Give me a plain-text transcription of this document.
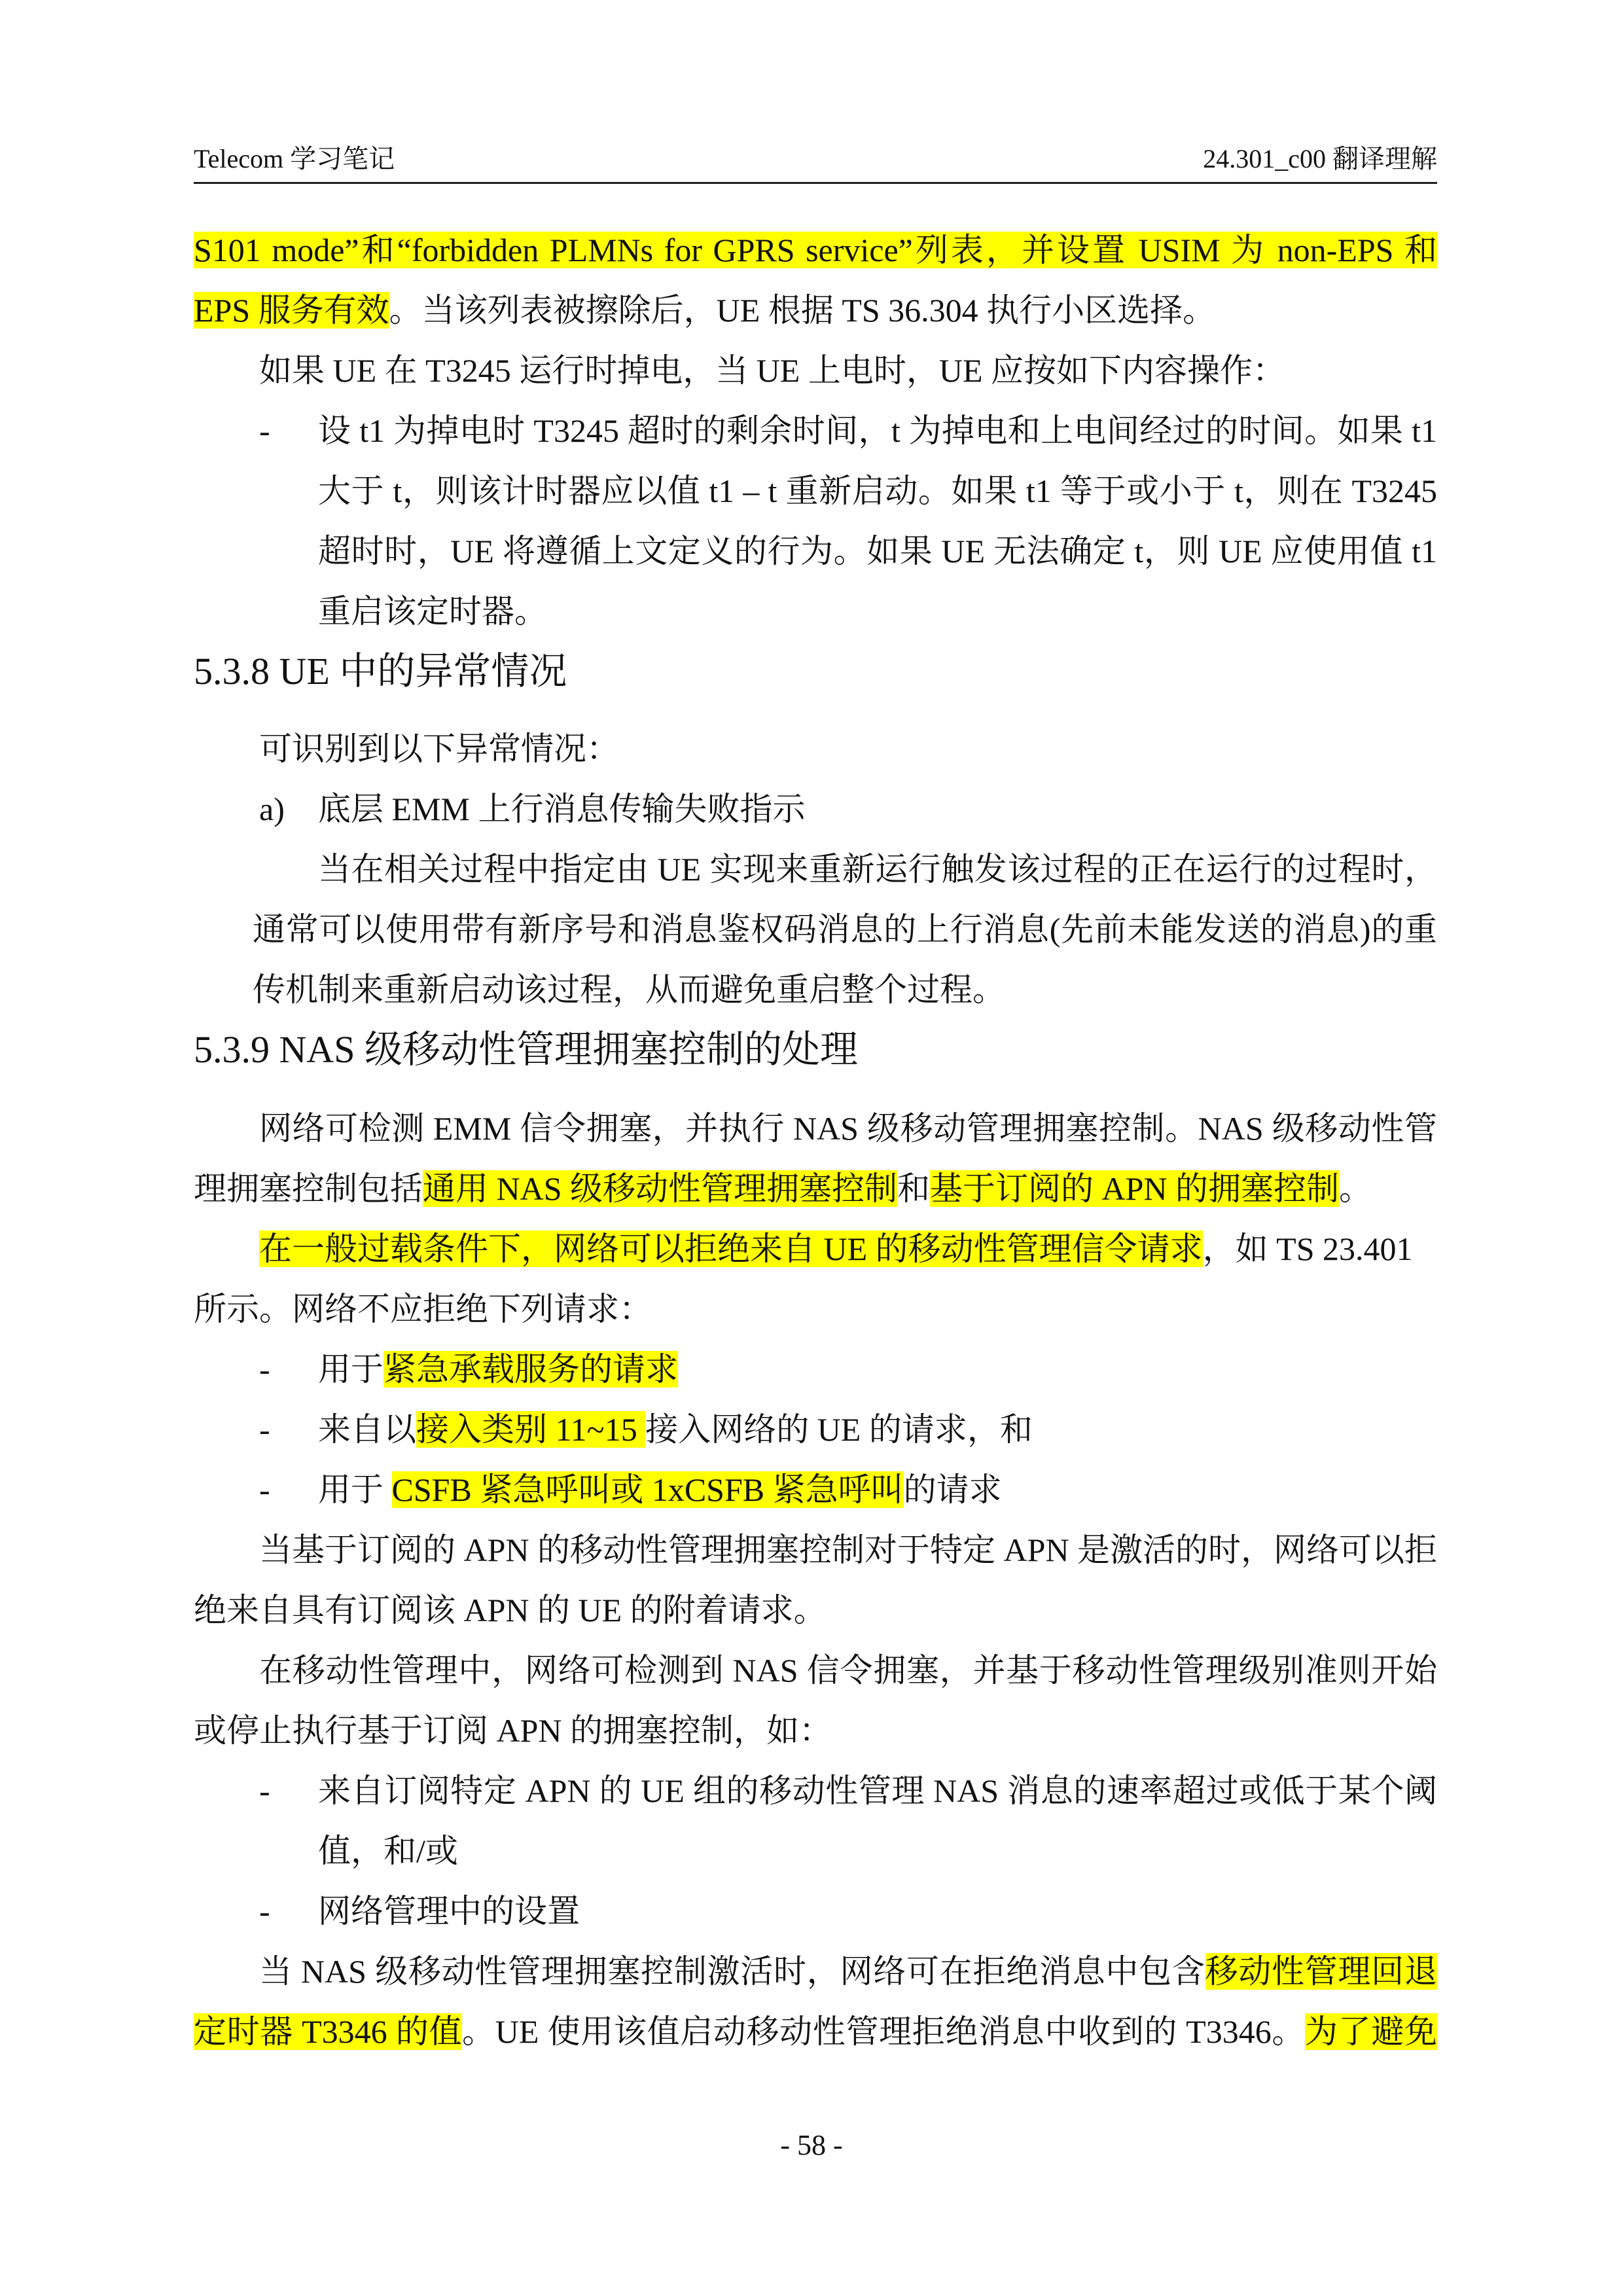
Telecom 学习笔记	24.301_c00 翻译理解
S101 mode”和“forbidden PLMNs for GPRS service”列表，并设置 USIM 为 non-EPS 和
EPS 服务有效。当该列表被擦除后，UE 根据 TS 36.304 执行小区选择。
如果 UE 在 T3245 运行时掉电，当 UE 上电时，UE 应按如下内容操作：
- 设 t1 为掉电时 T3245 超时的剩余时间，t 为掉电和上电间经过的时间。如果 t1
大于 t，则该计时器应以值 t1 – t 重新启动。如果 t1 等于或小于 t，则在 T3245
超时时，UE 将遵循上文定义的行为。如果 UE 无法确定 t，则 UE 应使用值 t1
重启该定时器。
5.3.8 UE 中的异常情况
可识别到以下异常情况：
a) 底层 EMM 上行消息传输失败指示
当在相关过程中指定由 UE 实现来重新运行触发该过程的正在运行的过程时，
通常可以使用带有新序号和消息鉴权码消息的上行消息(先前未能发送的消息)的重
传机制来重新启动该过程，从而避免重启整个过程。
5.3.9 NAS 级移动性管理拥塞控制的处理
网络可检测 EMM 信令拥塞，并执行 NAS 级移动管理拥塞控制。NAS 级移动性管
理拥塞控制包括通用 NAS 级移动性管理拥塞控制和基于订阅的 APN 的拥塞控制。
在一般过载条件下，网络可以拒绝来自 UE 的移动性管理信令请求，如 TS 23.401
所示。网络不应拒绝下列请求：
- 用于紧急承载服务的请求
- 来自以接入类别 11~15 接入网络的 UE 的请求，和
- 用于 CSFB 紧急呼叫或 1xCSFB 紧急呼叫的请求
当基于订阅的 APN 的移动性管理拥塞控制对于特定 APN 是激活的时，网络可以拒
绝来自具有订阅该 APN 的 UE 的附着请求。
在移动性管理中，网络可检测到 NAS 信令拥塞，并基于移动性管理级别准则开始
或停止执行基于订阅 APN 的拥塞控制，如：
- 来自订阅特定 APN 的 UE 组的移动性管理 NAS 消息的速率超过或低于某个阈
值，和/或
- 网络管理中的设置
当 NAS 级移动性管理拥塞控制激活时，网络可在拒绝消息中包含移动性管理回退
定时器 T3346 的值。UE 使用该值启动移动性管理拒绝消息中收到的 T3346。为了避免
- 58 -
